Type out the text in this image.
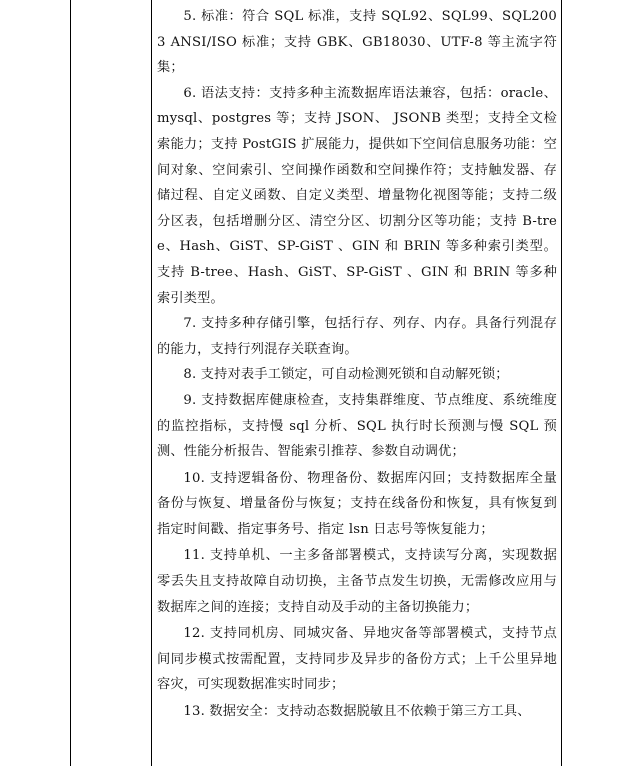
5. 标准：符合 SQL 标准，支持 SQL92、SQL99、SQL2003 ANSI/ISO 标准；支持 GBK、GB18030、UTF-8 等主流字符集；

6. 语法支持：支持多种主流数据库语法兼容，包括：oracle、mysql、postgres 等；支持 JSON、 JSONB 类型；支持全文检索能力；支持 PostGIS 扩展能力，提供如下空间信息服务功能：空间对象、空间索引、空间操作函数和空间操作符；支持触发器、存储过程、自定义函数、自定义类型、增量物化视图等能；支持二级分区表，包括增删分区、清空分区、切割分区等功能；支持 B-tree、Hash、GiST、SP-GiST 、GIN 和 BRIN 等多种索引类型。支持 B-tree、Hash、GiST、SP-GiST 、GIN 和 BRIN 等多种索引类型。

7. 支持多种存储引擎，包括行存、列存、内存。具备行列混存的能力，支持行列混存关联查询。

8. 支持对表手工锁定，可自动检测死锁和自动解死锁；

9. 支持数据库健康检查，支持集群维度、节点维度、系统维度的监控指标，支持慢 sql 分析、SQL 执行时长预测与慢 SQL 预测、性能分析报告、智能索引推荐、参数自动调优；

10. 支持逻辑备份、物理备份、数据库闪回；支持数据库全量备份与恢复、增量备份与恢复；支持在线备份和恢复，具有恢复到指定时间戳、指定事务号、指定 lsn 日志号等恢复能力；

11. 支持单机、一主多备部署模式，支持读写分离，实现数据零丢失且支持故障自动切换，主备节点发生切换，无需修改应用与数据库之间的连接；支持自动及手动的主备切换能力；

12. 支持同机房、同城灾备、异地灾备等部署模式，支持节点间同步模式按需配置，支持同步及异步的备份方式；上千公里异地容灾，可实现数据准实时同步；

13. 数据安全：支持动态数据脱敏且不依赖于第三方工具、
